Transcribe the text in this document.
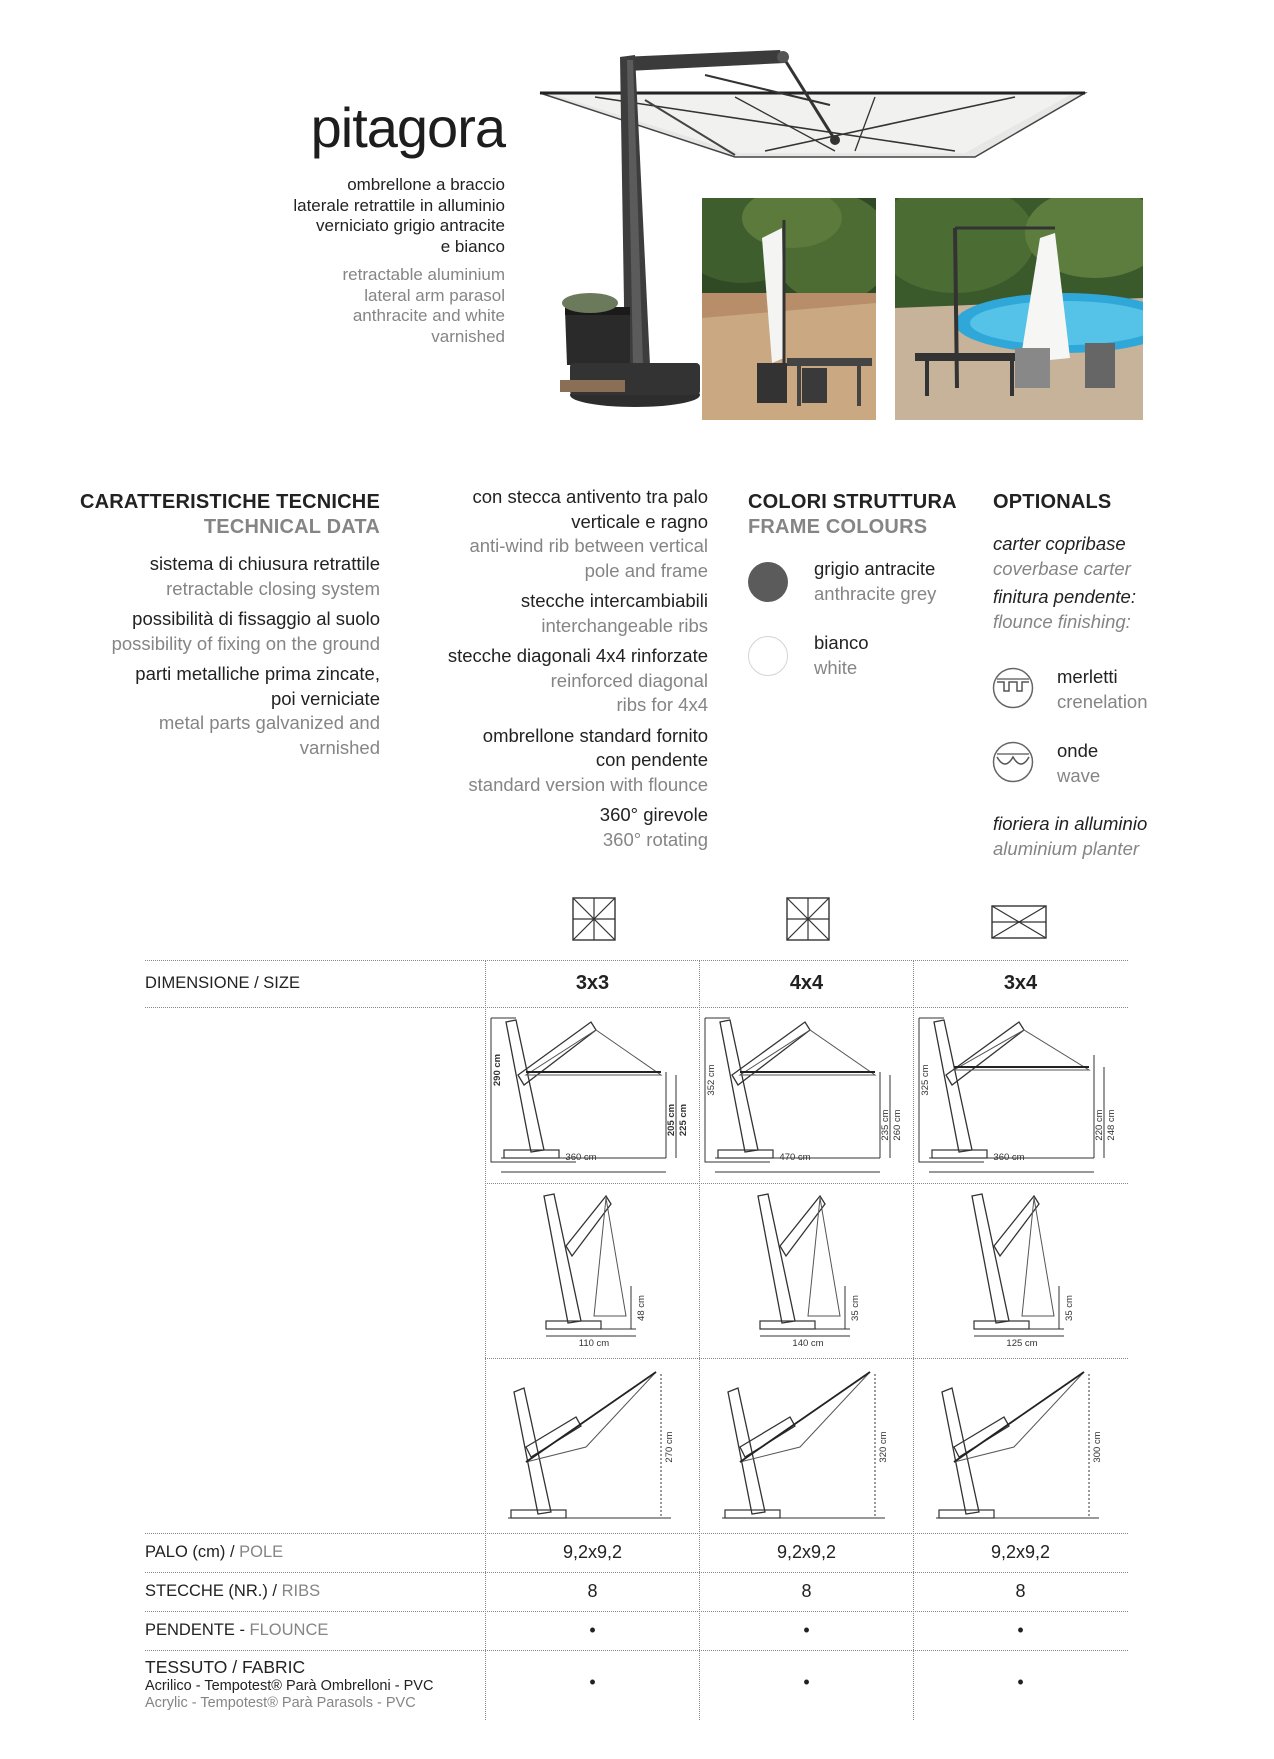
pitagora
ombrellone a braccio
laterale retrattile in alluminio
verniciato grigio antracite
e bianco
retractable aluminium
lateral arm parasol
anthracite and white
varnished
CARATTERISTICHE TECNICHE
TECHNICAL DATA
sistema di chiusura retrattile
retractable closing system
possibilità di fissaggio al suolo
possibility of fixing on the ground
parti metalliche prima zincate,
poi verniciate
metal parts galvanized and
varnished
con stecca antivento tra palo
verticale e ragno
anti-wind rib between vertical
pole and frame
stecche intercambiabili
interchangeable ribs
stecche diagonali 4x4 rinforzate
reinforced diagonal
ribs for 4x4
ombrellone standard fornito
con pendente
standard version with flounce
360° girevole
360° rotating
COLORI STRUTTURA
FRAME COLOURS
grigio antracite
anthracite grey
bianco
white
OPTIONALS
carter copribase
coverbase carter
finitura pendente:
flounce finishing:
merletti
crenelation
onde
wave
fioriera in alluminio
aluminium planter
DIMENSIONE / SIZE	3x3	4x4	3x4
360 cm
290 cm
205 cm 225 cm
470 cm
352 cm
235 cm 260 cm
360 cm
325 cm
220 cm 248 cm
110 cm
48 cm
140 cm
35 cm
125 cm
35 cm
270 cm	320 cm	300 cm
PALO (cm) / POLE	9,2x9,2	9,2x9,2	9,2x9,2
STECCHE (NR.) / RIBS	8	8	8
PENDENTE - FLOUNCE	•	•	•
TESSUTO / FABRIC
Acrilico - Tempotest® Parà Ombrelloni - PVC
Acrylic - Tempotest® Parà Parasols - PVC
•	•	•
